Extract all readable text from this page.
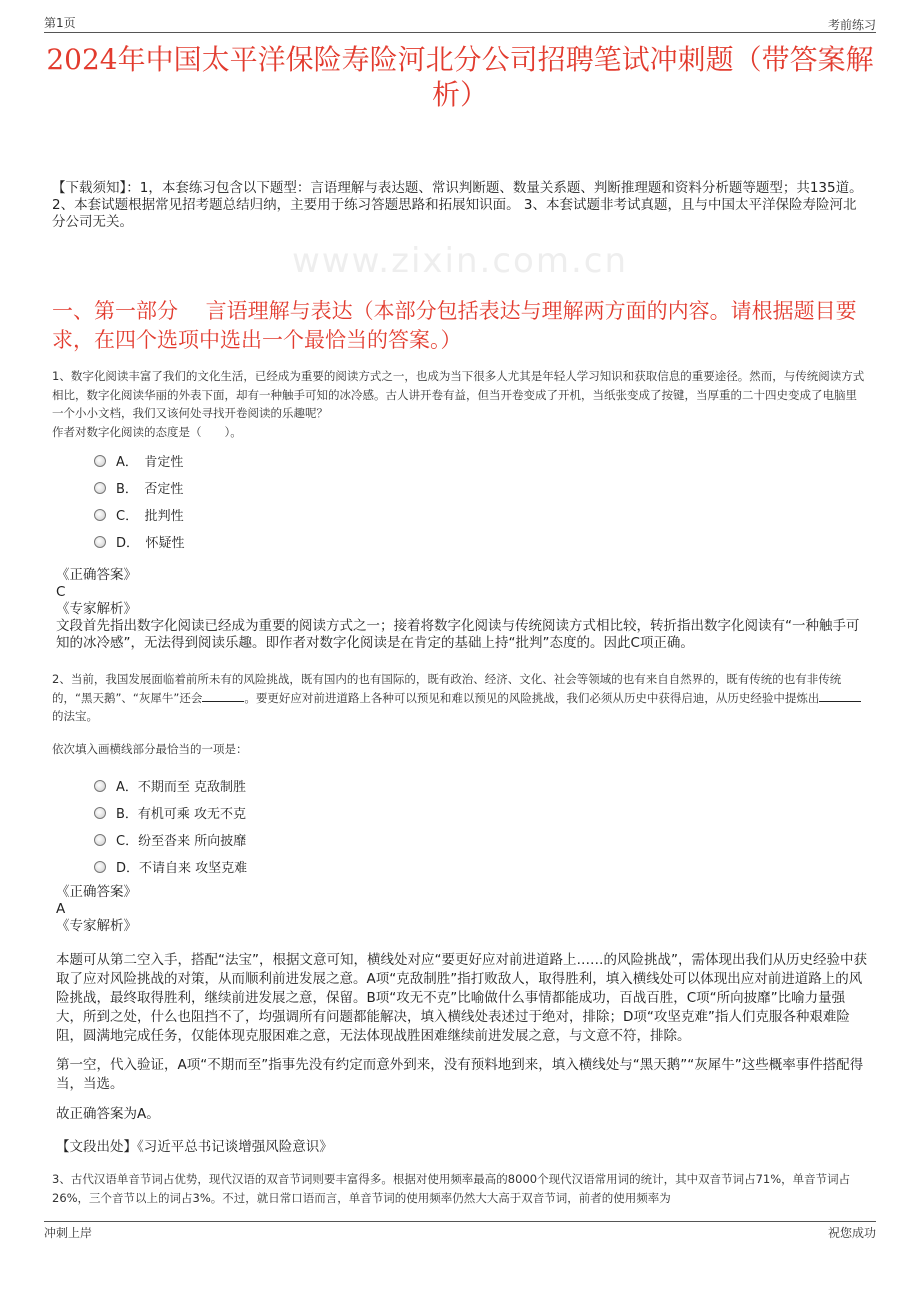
第1页	考前练习
2024年中国太平洋保险寿险河北分公司招聘笔试冲刺题（带答案解析）
【下载须知】：1，本套练习包含以下题型：言语理解与表达题、常识判断题、数量关系题、判断推理题和资料分析题等题型；共135道。 2、本套试题根据常见招考题总结归纳，主要用于练习答题思路和拓展知识面。 3、本套试题非考试真题，且与中国太平洋保险寿险河北分公司无关。
www.zixin.com.cn
一、第一部分　 言语理解与表达（本部分包括表达与理解两方面的内容。请根据题目要求，在四个选项中选出一个最恰当的答案。）
1、数字化阅读丰富了我们的文化生活，已经成为重要的阅读方式之一，也成为当下很多人尤其是年轻人学习知识和获取信息的重要途径。然而，与传统阅读方式相比，数字化阅读华丽的外表下面，却有一种触手可知的冰冷感。古人讲开卷有益，但当开卷变成了开机，当纸张变成了按键，当厚重的二十四史变成了电脑里一个小小文档，我们又该何处寻找开卷阅读的乐趣呢？
作者对数字化阅读的态度是（　　）。
A．　肯定性
B．　否定性
C．　批判性
D．　怀疑性
《正确答案》
C
《专家解析》
文段首先指出数字化阅读已经成为重要的阅读方式之一；接着将数字化阅读与传统阅读方式相比较，转折指出数字化阅读有“一种触手可知的冰冷感”，无法得到阅读乐趣。即作者对数字化阅读是在肯定的基础上持“批判”态度的。因此C项正确。
2、当前，我国发展面临着前所未有的风险挑战，既有国内的也有国际的，既有政治、经济、文化、社会等领域的也有来自自然界的，既有传统的也有非传统的，“黑天鹅”、“灰犀牛”还会	。要更好应对前进道路上各种可以预见和难以预见的风险挑战，我们必须从历史中获得启迪，从历史经验中提炼出的法宝。
依次填入画横线部分最恰当的一项是：
A．不期而至 克敌制胜
B．有机可乘 攻无不克
C．纷至沓来 所向披靡
D．不请自来 攻坚克难
《正确答案》
A
《专家解析》
本题可从第二空入手，搭配“法宝”，根据文意可知，横线处对应“要更好应对前进道路上……的风险挑战”，需体现出我们从历史经验中获取了应对风险挑战的对策，从而顺利前进发展之意。A项“克敌制胜”指打败敌人，取得胜利，填入横线处可以体现出应对前进道路上的风险挑战，最终取得胜利，继续前进发展之意，保留。B项“攻无不克”比喻做什么事情都能成功，百战百胜，C项“所向披靡”比喻力量强大，所到之处，什么也阻挡不了，均强调所有问题都能解决，填入横线处表述过于绝对，排除；D项“攻坚克难”指人们克服各种艰难险阻，圆满地完成任务，仅能体现克服困难之意，无法体现战胜困难继续前进发展之意，与文意不符，排除。
第一空，代入验证，A项“不期而至”指事先没有约定而意外到来，没有预料地到来，填入横线处与“黑天鹅”“灰犀牛”这些概率事件搭配得当，当选。
故正确答案为A。
【文段出处】《习近平总书记谈增强风险意识》
3、古代汉语单音节词占优势，现代汉语的双音节词则要丰富得多。根据对使用频率最高的8000个现代汉语常用词的统计，其中双音节词占71%，单音节词占26%，三个音节以上的词占3%。不过，就日常口语而言，单音节词的使用频率仍然大大高于双音节词，前者的使用频率为
冲刺上岸	祝您成功
